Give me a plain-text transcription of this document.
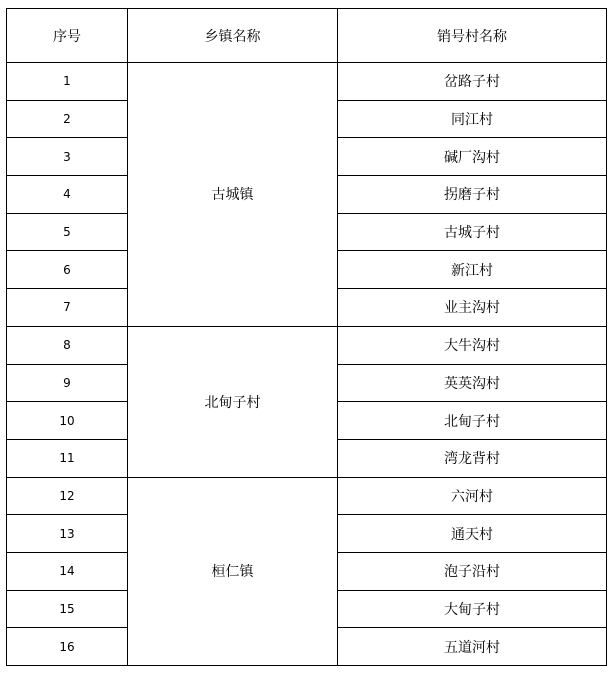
序号	乡镇名称	销号村名称
1	古城镇	岔路子村
2		同江村
3		碱厂沟村
4		拐磨子村
5		古城子村
6		新江村
7		业主沟村
8	北甸子村	大牛沟村
9		英英沟村
10		北甸子村
11		湾龙背村
12	桓仁镇	六河村
13		通天村
14		泡子沿村
15		大甸子村
16		五道河村
